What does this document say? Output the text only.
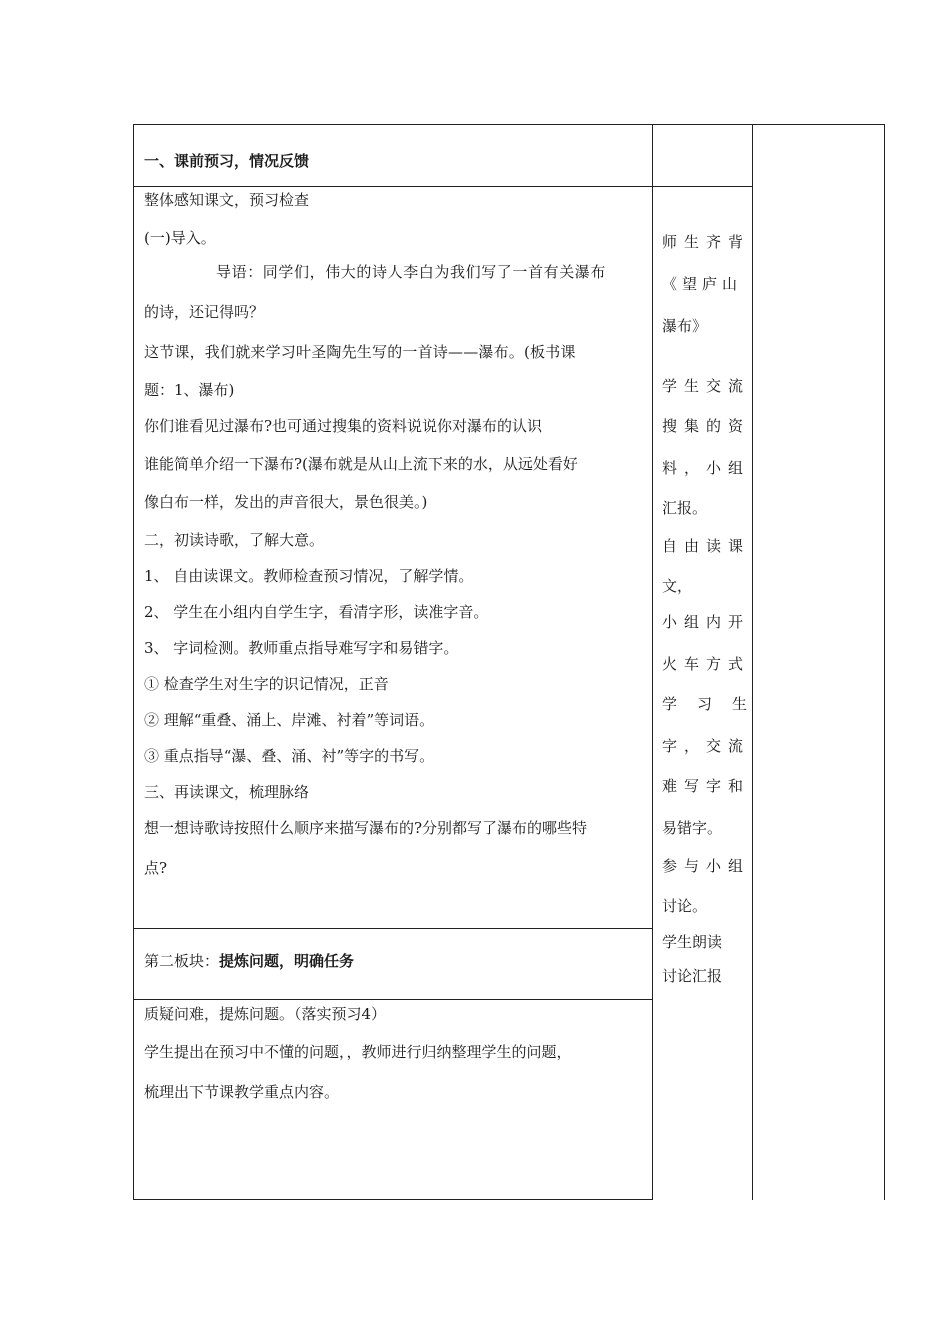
一、课前预习，情况反馈
整体感知课文，预习检查
(一)导入。
导语：同学们，伟大的诗人李白为我们写了一首有关瀑布
的诗，还记得吗？
这节课，我们就来学习叶圣陶先生写的一首诗——瀑布。(板书课
题：1、瀑布)
你们谁看见过瀑布?也可通过搜集的资料说说你对瀑布的认识
谁能简单介绍一下瀑布?(瀑布就是从山上流下来的水，从远处看好
像白布一样，发出的声音很大，景色很美。)
二，初读诗歌，了解大意。
1、 自由读课文。教师检查预习情况，了解学情。
2、 学生在小组内自学生字，看清字形，读准字音。
3、 字词检测。教师重点指导难写字和易错字。
① 检查学生对生字的识记情况，正音
② 理解“重叠、涌上、岸滩、衬着”等词语。
③ 重点指导“瀑、叠、涌、衬”等字的书写。
三、再读课文，梳理脉络
想一想诗歌诗按照什么顺序来描写瀑布的?分别都写了瀑布的哪些特
点?
第二板块：提炼问题，明确任务
质疑问难，提炼问题。（落实预习4）
学生提出在预习中不懂的问题，，教师进行归纳整理学生的问题，
梳理出下节课教学重点内容。
师生齐背
《望庐山
瀑布》
学生交流
搜集的资
料，小组
汇报。
自由读课
文，
小组内开
火车方式
学习生
字，交流
难写字和
易错字。
参与小组
讨论。
学生朗读
讨论汇报
